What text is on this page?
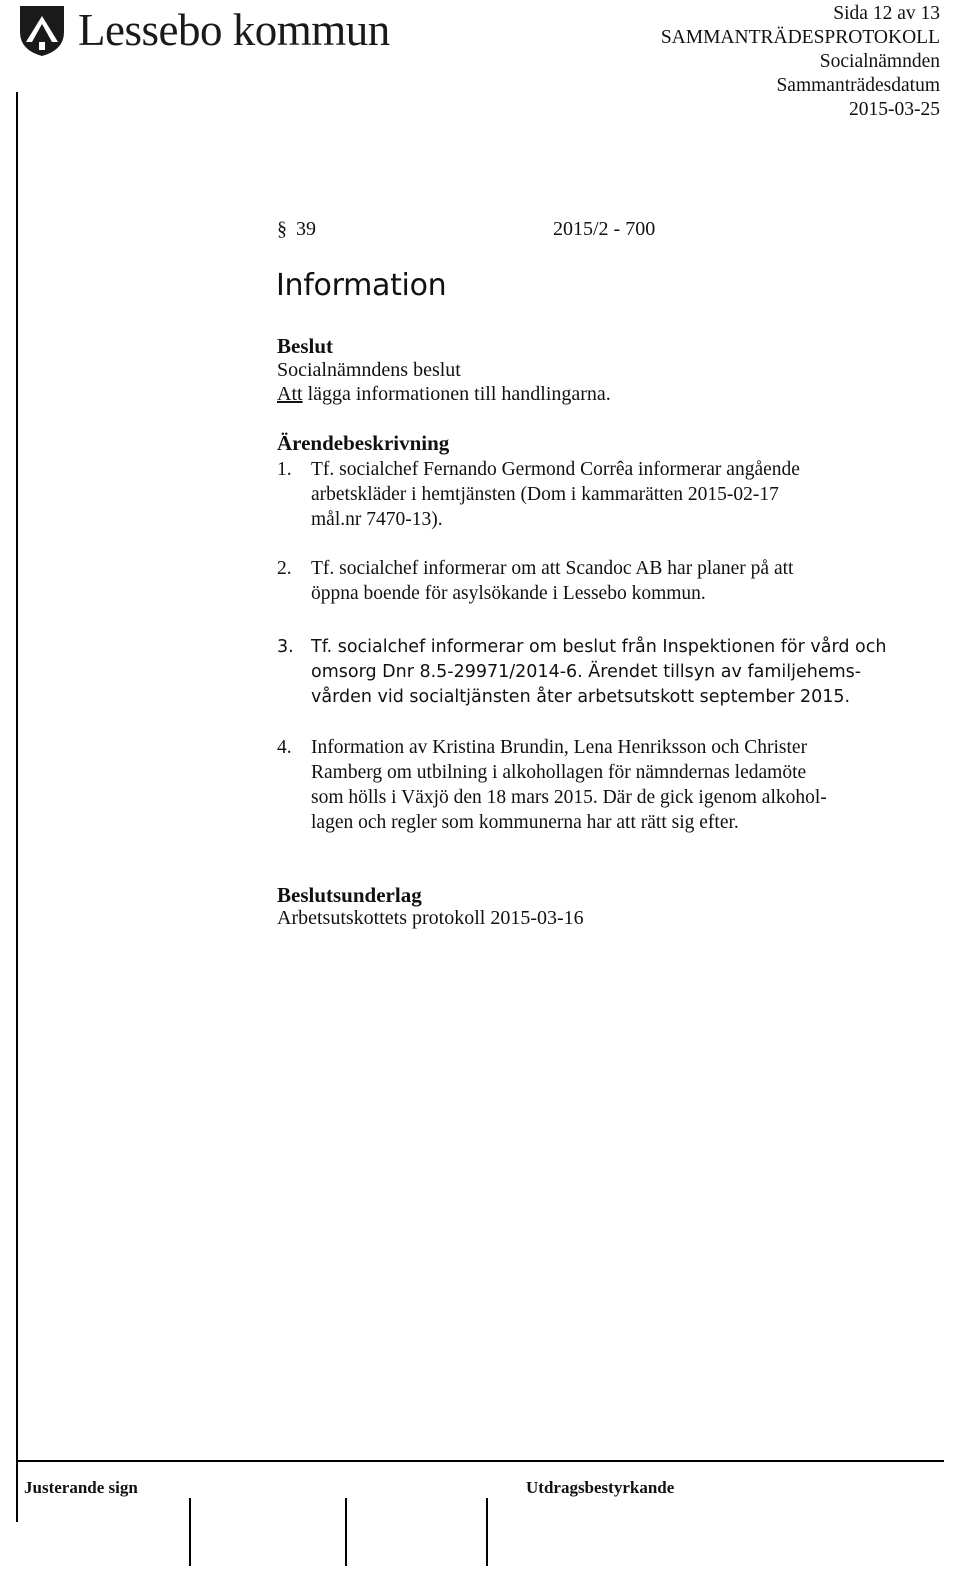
Lessebo kommun	Sida 12 av 13
SAMMANTRÄDESPROTOKOLL
Socialnämnden
Sammanträdesdatum
2015-03-25
§ 39	2015/2 - 700
Information
Beslut
Socialnämndens beslut
Att lägga informationen till handlingarna.
Ärendebeskrivning
1. Tf. socialchef Fernando Germond Corrêa informerar angående
arbetskläder i hemtjänsten (Dom i kammarätten 2015-02-17
mål.nr 7470-13).
2. Tf. socialchef informerar om att Scandoc AB har planer på att
öppna boende för asylsökande i Lessebo kommun.
3. Tf. socialchef informerar om beslut från Inspektionen för vård och
omsorg Dnr 8.5-29971/2014-6. Ärendet tillsyn av familjehems-
vården vid socialtjänsten åter arbetsutskott september 2015.
4. Information av Kristina Brundin, Lena Henriksson och Christer
Ramberg om utbilning i alkohollagen för nämndernas ledamöte
som hölls i Växjö den 18 mars 2015. Där de gick igenom alkohol-
lagen och regler som kommunerna har att rätt sig efter.
Beslutsunderlag
Arbetsutskottets protokoll 2015-03-16
Justerande sign	Utdragsbestyrkande
